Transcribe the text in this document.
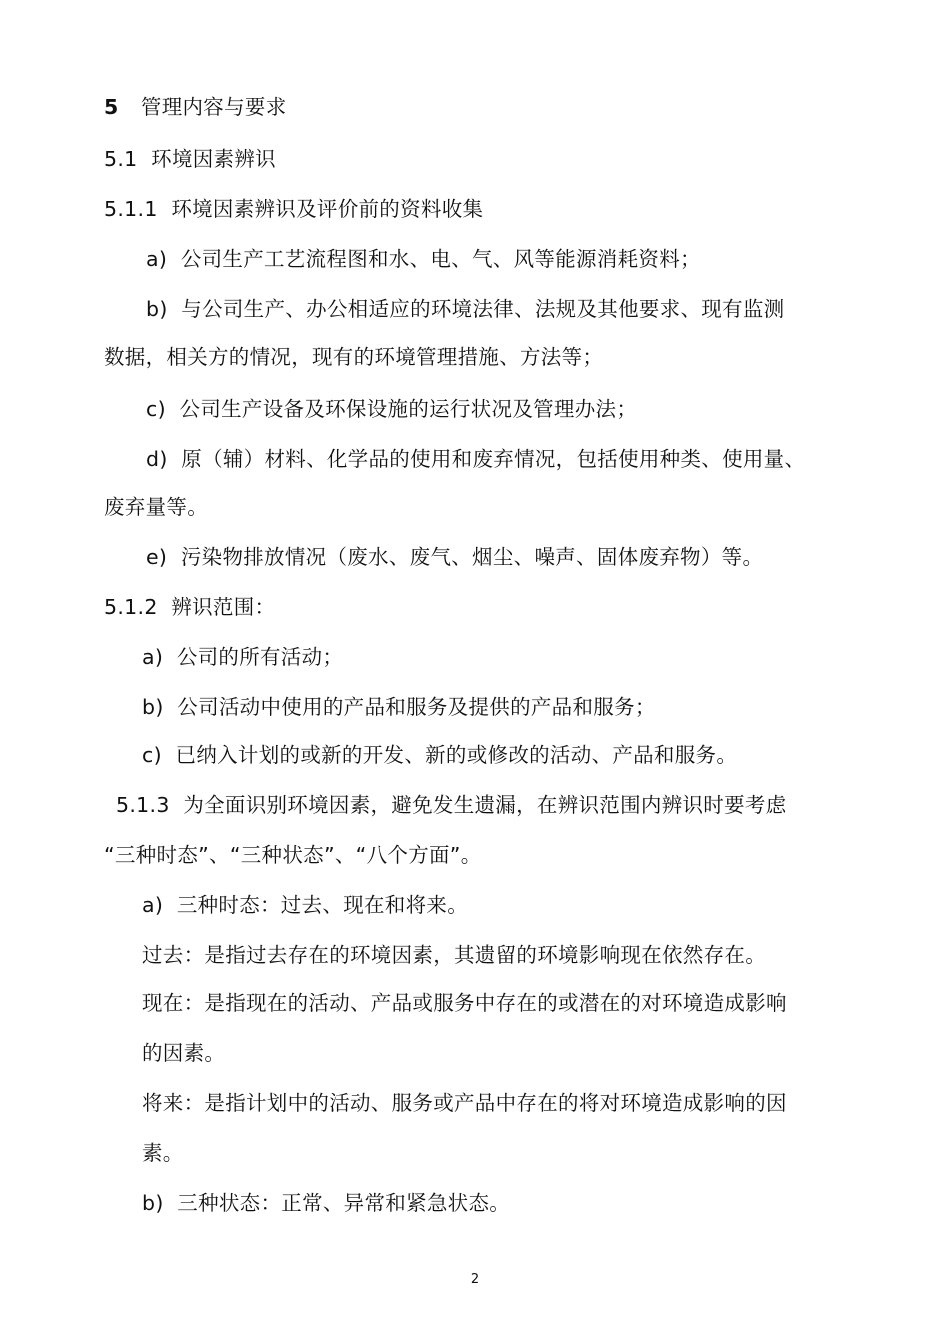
5 管理内容与要求
5.1 环境因素辨识
5.1.1 环境因素辨识及评价前的资料收集
a) 公司生产工艺流程图和水、电、气、风等能源消耗资料；
b) 与公司生产、办公相适应的环境法律、法规及其他要求、现有监测
数据，相关方的情况，现有的环境管理措施、方法等；
c) 公司生产设备及环保设施的运行状况及管理办法；
d) 原（辅）材料、化学品的使用和废弃情况，包括使用种类、使用量、
废弃量等。
e) 污染物排放情况（废水、废气、烟尘、噪声、固体废弃物）等。
5.1.2 辨识范围：
a) 公司的所有活动；
b) 公司活动中使用的产品和服务及提供的产品和服务；
c) 已纳入计划的或新的开发、新的或修改的活动、产品和服务。
5.1.3 为全面识别环境因素，避免发生遗漏，在辨识范围内辨识时要考虑
“三种时态”、“三种状态”、“八个方面”。
a) 三种时态：过去、现在和将来。
过去：是指过去存在的环境因素，其遗留的环境影响现在依然存在。
现在：是指现在的活动、产品或服务中存在的或潜在的对环境造成影响
的因素。
将来：是指计划中的活动、服务或产品中存在的将对环境造成影响的因
素。
b) 三种状态：正常、异常和紧急状态。
2
